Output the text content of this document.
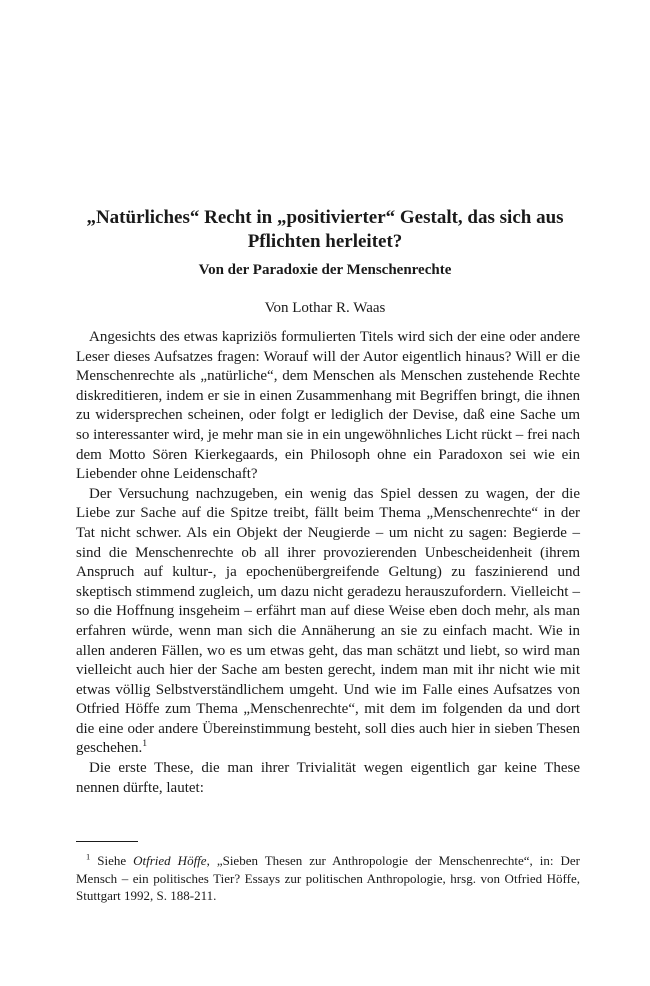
„Natürliches“ Recht in „positivierter“ Gestalt, das sich aus Pflichten herleitet?
Von der Paradoxie der Menschenrechte

Von Lothar R. Waas

Angesichts des etwas kapriziös formulierten Titels wird sich der eine oder andere Leser dieses Aufsatzes fragen: Worauf will der Autor eigentlich hinaus? Will er die Menschenrechte als „natürliche“, dem Menschen als Menschen zustehende Rechte diskreditieren, indem er sie in einen Zusammenhang mit Begriffen bringt, die ihnen zu widersprechen scheinen, oder folgt er lediglich der Devise, daß eine Sache um so interessanter wird, je mehr man sie in ein ungewöhnliches Licht rückt – frei nach dem Motto Sören Kierkegaards, ein Philosoph ohne ein Paradoxon sei wie ein Liebender ohne Leidenschaft?

Der Versuchung nachzugeben, ein wenig das Spiel dessen zu wagen, der die Liebe zur Sache auf die Spitze treibt, fällt beim Thema „Menschenrechte“ in der Tat nicht schwer. Als ein Objekt der Neugierde – um nicht zu sagen: Begierde – sind die Menschenrechte ob all ihrer provozierenden Unbescheidenheit (ihrem Anspruch auf kultur-, ja epochenübergreifende Geltung) zu faszinierend und skeptisch stimmend zugleich, um dazu nicht geradezu herauszufordern. Vielleicht – so die Hoffnung insgeheim – erfährt man auf diese Weise eben doch mehr, als man erfahren würde, wenn man sich die Annäherung an sie zu einfach macht. Wie in allen anderen Fällen, wo es um etwas geht, das man schätzt und liebt, so wird man vielleicht auch hier der Sache am besten gerecht, indem man mit ihr nicht wie mit etwas völlig Selbstverständlichem umgeht. Und wie im Falle eines Aufsatzes von Otfried Höffe zum Thema „Menschenrechte“, mit dem im folgenden da und dort die eine oder andere Übereinstimmung besteht, soll dies auch hier in sieben Thesen geschehen.$^1$

Die erste These, die man ihrer Trivialität wegen eigentlich gar keine These nennen dürfte, lautet:

$^1$ Siehe Otfried Höffe, „Sieben Thesen zur Anthropologie der Menschenrechte“, in: Der Mensch – ein politisches Tier? Essays zur politischen Anthropologie, hrsg. von Otfried Höffe, Stuttgart 1992, S. 188-211.
